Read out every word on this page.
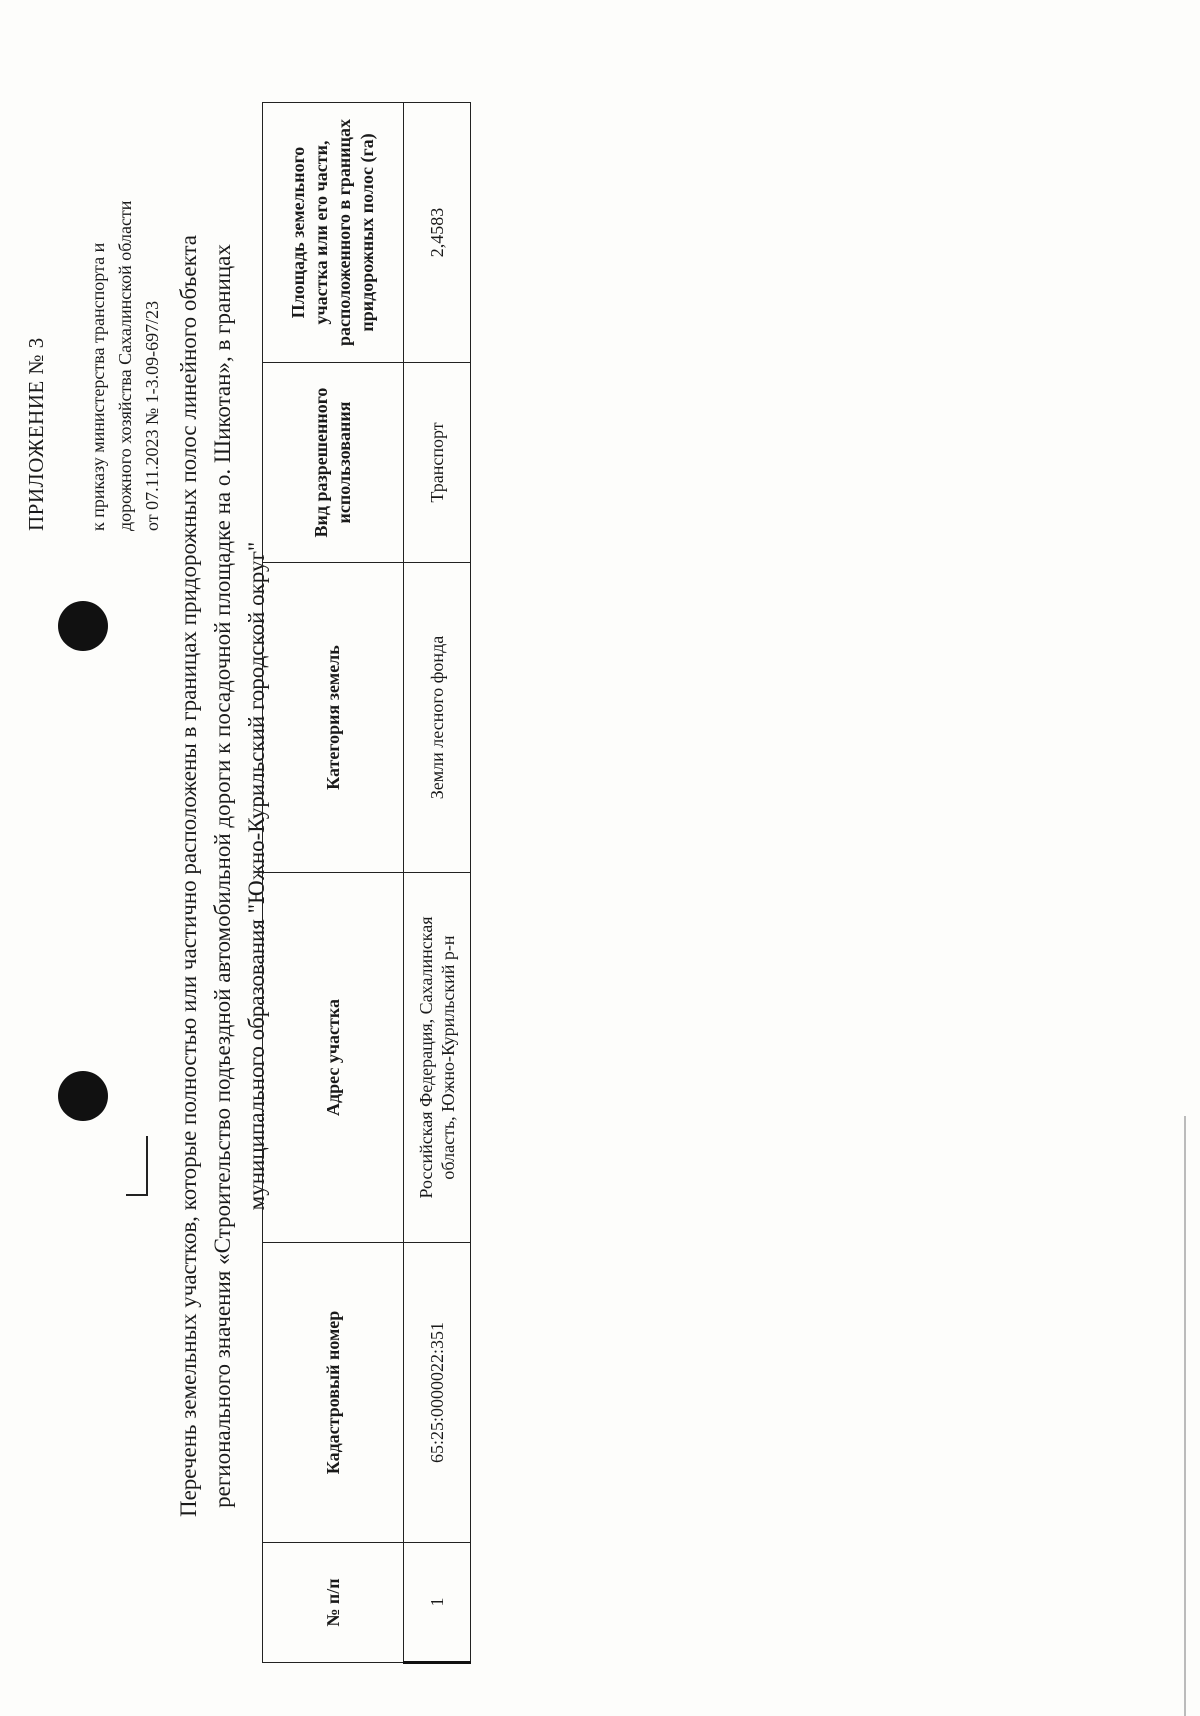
ПРИЛОЖЕНИЕ № 3 к приказу министерства транспорта и дорожного хозяйства Сахалинской области от 07.11.2023 № 1-3.09-697/23 Перечень земельных участков, которые полностью или частично расположены в границах придорожных полос линейного объекта регионального значения «Строительство подъездной автомобильной дороги к посадочной площадке на о. Шикотан», в границах муниципального образования "Южно-Курильский городской округ"
№ п/п	Кадастровый номер	Адрес участка	Категория земель	Вид разрешенного использования	Площадь земельного участка или его части, расположенного в границах придорожных полос (га)
1	65:25:0000022:351	Российская Федерация, Сахалинская область, Южно-Курильский р-н	Земли лесного фонда	Транспорт	2,4583
